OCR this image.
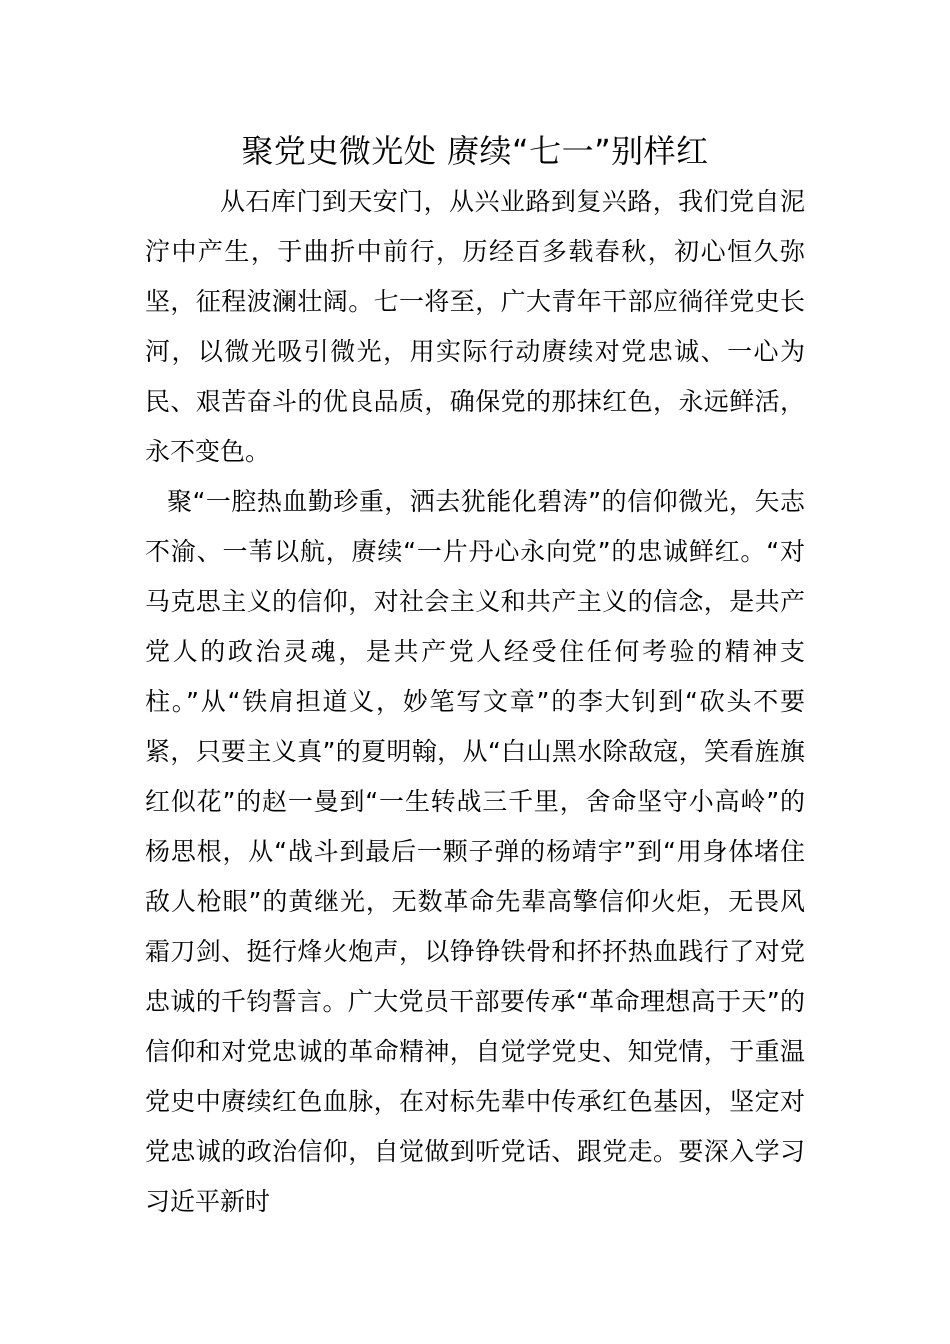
聚党史微光处 赓续“七一”别样红

从石库门到天安门，从兴业路到复兴路，我们党自泥泞中产生，于曲折中前行，历经百多载春秋，初心恒久弥坚，征程波澜壮阔。七一将至，广大青年干部应徜徉党史长河，以微光吸引微光，用实际行动赓续对党忠诚、一心为民、艰苦奋斗的优良品质，确保党的那抹红色，永远鲜活，永不变色。

聚“一腔热血勤珍重，洒去犹能化碧涛”的信仰微光，矢志不渝、一苇以航，赓续“一片丹心永向党”的忠诚鲜红。“对马克思主义的信仰，对社会主义和共产主义的信念，是共产党人的政治灵魂，是共产党人经受住任何考验的精神支柱。”从“铁肩担道义，妙笔写文章”的李大钊到“砍头不要紧，只要主义真”的夏明翰，从“白山黑水除敌寇，笑看旌旗红似花”的赵一曼到“一生转战三千里，舍命坚守小高岭”的杨思根，从“战斗到最后一颗子弹的杨靖宇”到“用身体堵住敌人枪眼”的黄继光，无数革命先辈高擎信仰火炬，无畏风霜刀剑、挺行烽火炮声，以铮铮铁骨和抔抔热血践行了对党忠诚的千钧誓言。广大党员干部要传承“革命理想高于天”的信仰和对党忠诚的革命精神，自觉学党史、知党情，于重温党史中赓续红色血脉，在对标先辈中传承红色基因，坚定对党忠诚的政治信仰，自觉做到听党话、跟党走。要深入学习习近平新时
